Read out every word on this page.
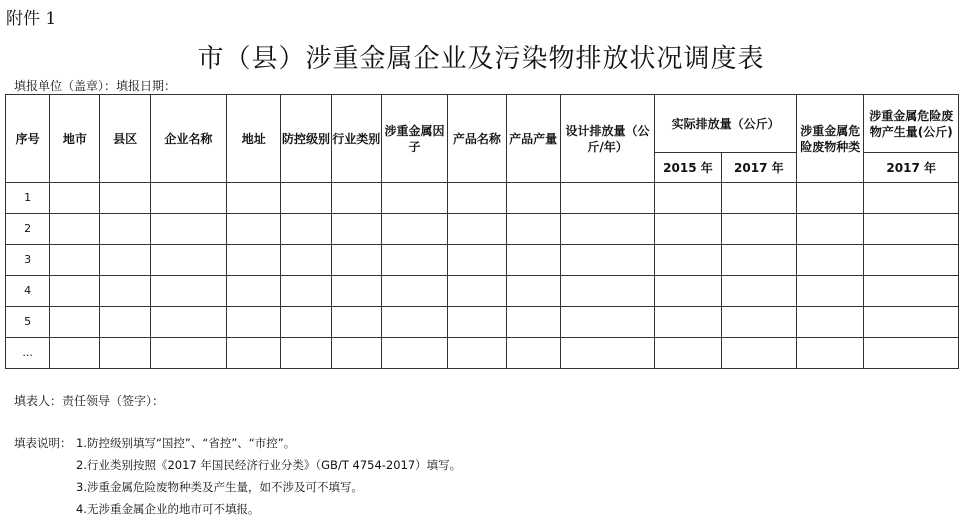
附件 1
市（县）涉重金属企业及污染物排放状况调度表
填报单位（盖章）：填报日期：
序号	地市	县区	企业名称	地址	防控级别	行业类别	涉重金属因子	产品名称	产品产量	设计排放量（公斤/年）	实际排放量（公斤）		涉重金属危险废物种类	涉重金属危险废物产生量(公斤)
											2015 年	2017 年		2017 年
1														
2														
3														
4														
5														
...														
填表人：责任领导（签字）：
填表说明： 1.防控级别填写“国控”、“省控”、“市控”。
2.行业类别按照《2017 年国民经济行业分类》（GB/T 4754-2017）填写。
3.涉重金属危险废物种类及产生量，如不涉及可不填写。
4.无涉重金属企业的地市可不填报。
